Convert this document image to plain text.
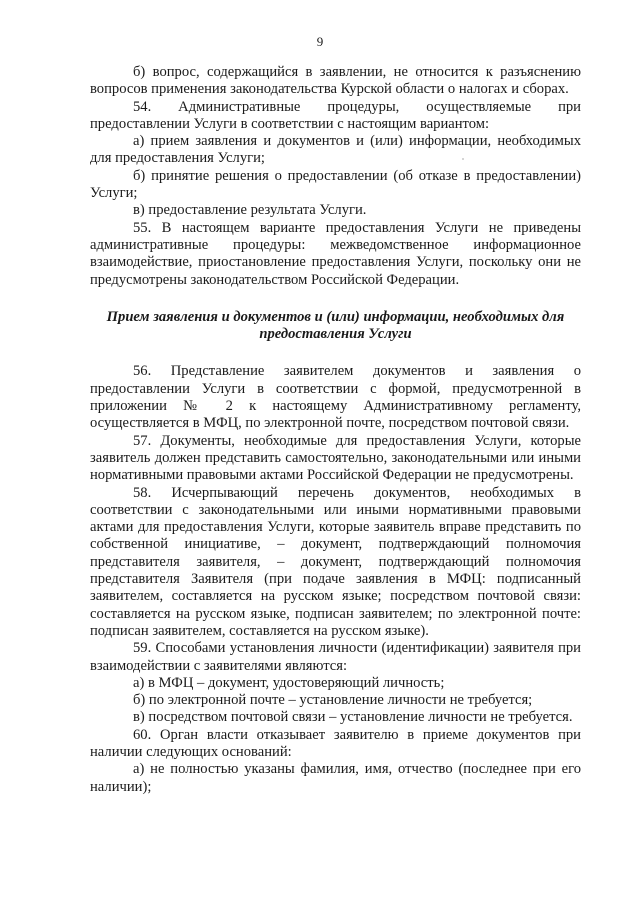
9

б) вопрос, содержащийся в заявлении, не относится к разъяснению вопросов применения законодательства Курской области о налогах и сборах.

54. Административные процедуры, осуществляемые при предоставлении Услуги в соответствии с настоящим вариантом:

а) прием заявления и документов и (или) информации, необходимых для предоставления Услуги;

б) принятие решения о предоставлении (об отказе в предоставлении) Услуги;

в) предоставление результата Услуги.

55. В настоящем варианте предоставления Услуги не приведены административные процедуры: межведомственное информационное взаимодействие, приостановление предоставления Услуги, поскольку они не предусмотрены законодательством Российской Федерации.

Прием заявления и документов и (или) информации, необходимых для предоставления Услуги

56. Представление заявителем документов и заявления о предоставлении Услуги в соответствии с формой, предусмотренной в приложении № 2 к настоящему Административному регламенту, осуществляется в МФЦ, по электронной почте, посредством почтовой связи.

57. Документы, необходимые для предоставления Услуги, которые заявитель должен представить самостоятельно, законодательными или иными нормативными правовыми актами Российской Федерации не предусмотрены.

58. Исчерпывающий перечень документов, необходимых в соответствии с законодательными или иными нормативными правовыми актами для предоставления Услуги, которые заявитель вправе представить по собственной инициативе, – документ, подтверждающий полномочия представителя заявителя, – документ, подтверждающий полномочия представителя Заявителя (при подаче заявления в МФЦ: подписанный заявителем, составляется на русском языке; посредством почтовой связи: составляется на русском языке, подписан заявителем; по электронной почте: подписан заявителем, составляется на русском языке).

59. Способами установления личности (идентификации) заявителя при взаимодействии с заявителями являются:

а) в МФЦ – документ, удостоверяющий личность;

б) по электронной почте – установление личности не требуется;

в) посредством почтовой связи – установление личности не требуется.

60. Орган власти отказывает заявителю в приеме документов при наличии следующих оснований:

а) не полностью указаны фамилия, имя, отчество (последнее при его наличии);
